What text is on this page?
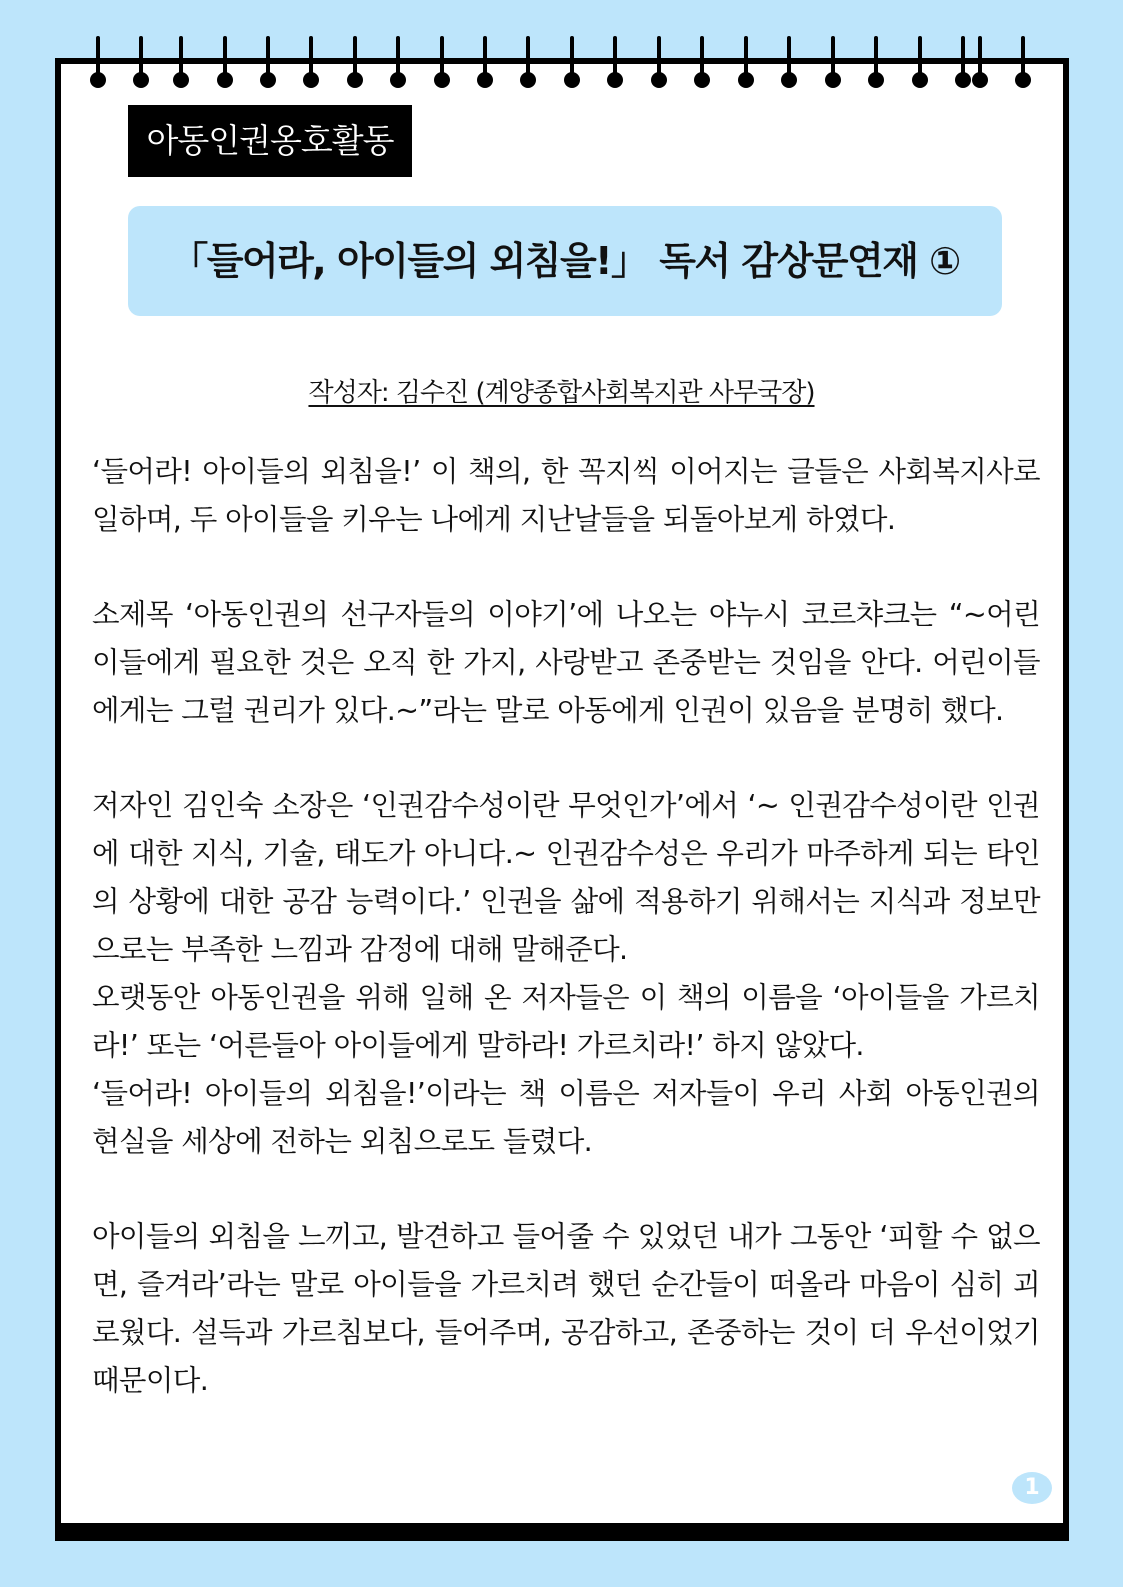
아동인권옹호활동
「들어라, 아이들의 외침을!」 독서 감상문연재 ①
작성자: 김수진 (계양종합사회복지관 사무국장)

‘들어라! 아이들의 외침을!’ 이 책의, 한 꼭지씩 이어지는 글들은 사회복지사로 일하며, 두 아이들을 키우는 나에게 지난날들을 되돌아보게 하였다.

소제목 ‘아동인권의 선구자들의 이야기’에 나오는 야누시 코르챠크는 “~어린이들에게 필요한 것은 오직 한 가지, 사랑받고 존중받는 것임을 안다. 어린이들에게는 그럴 권리가 있다.~”라는 말로 아동에게 인권이 있음을 분명히 했다.

저자인 김인숙 소장은 ‘인권감수성이란 무엇인가’에서 ‘~ 인권감수성이란 인권에 대한 지식, 기술, 태도가 아니다.~ 인권감수성은 우리가 마주하게 되는 타인의 상황에 대한 공감 능력이다.’ 인권을 삶에 적용하기 위해서는 지식과 정보만으로는 부족한 느낌과 감정에 대해 말해준다.

오랫동안 아동인권을 위해 일해 온 저자들은 이 책의 이름을 ‘아이들을 가르치라!’ 또는 ‘어른들아 아이들에게 말하라! 가르치라!’ 하지 않았다.

‘들어라! 아이들의 외침을!’이라는 책 이름은 저자들이 우리 사회 아동인권의 현실을 세상에 전하는 외침으로도 들렸다.

아이들의 외침을 느끼고, 발견하고 들어줄 수 있었던 내가 그동안 ‘피할 수 없으면, 즐겨라’라는 말로 아이들을 가르치려 했던 순간들이 떠올라 마음이 심히 괴로웠다. 설득과 가르침보다, 들어주며, 공감하고, 존중하는 것이 더 우선이었기 때문이다.

1
